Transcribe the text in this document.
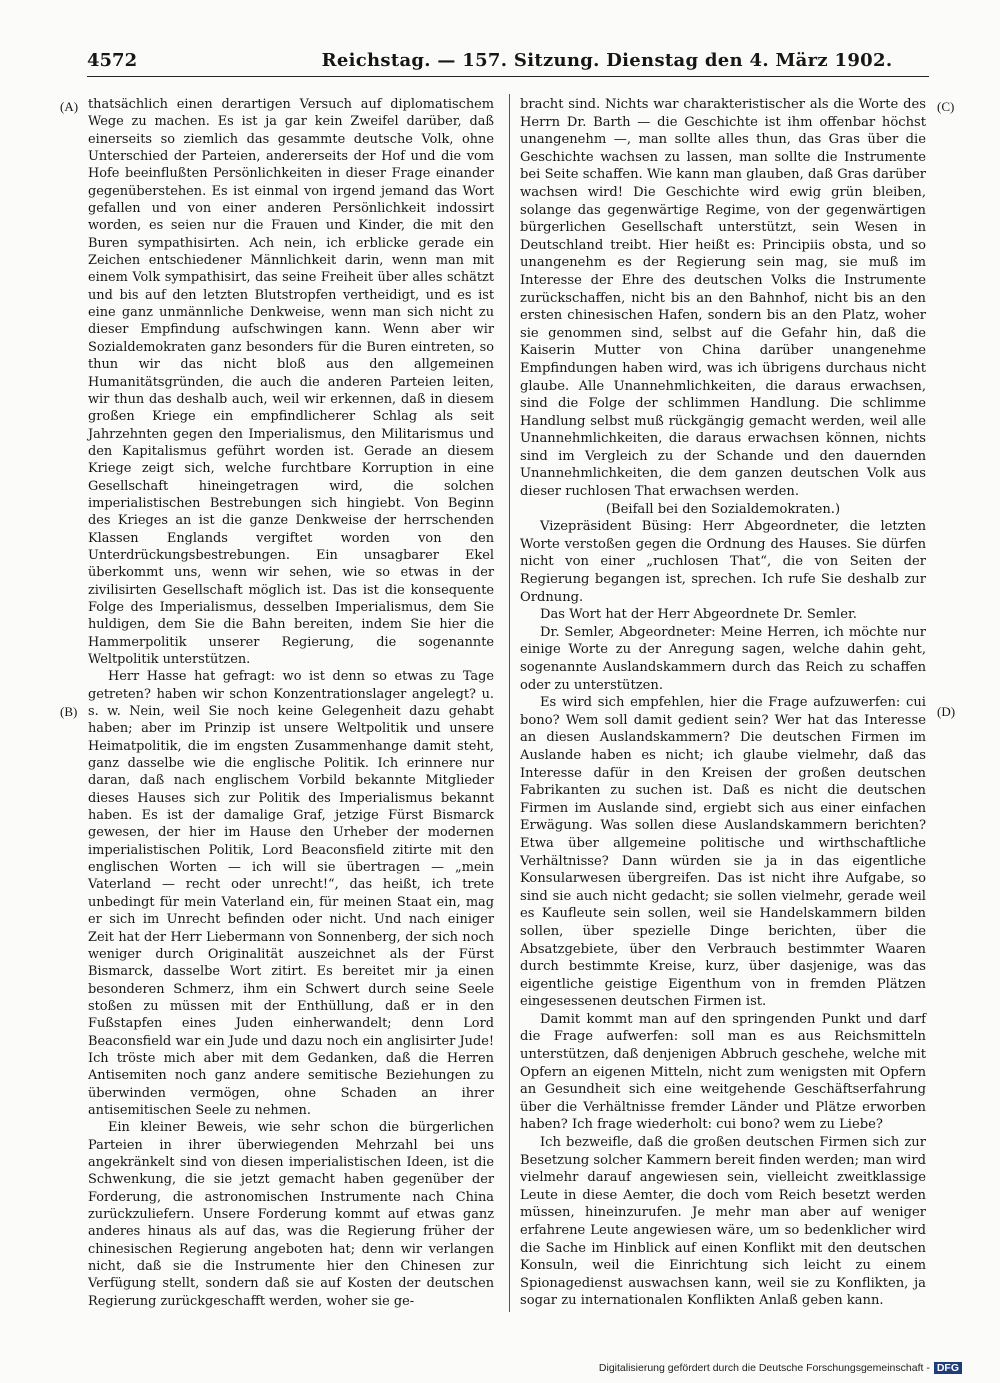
4572	Reichstag. — 157. Sitzung. Dienstag den 4. März 1902.
(A)
(B)
(C)
(D)

thatsächlich einen derartigen Versuch auf diplomatischem Wege zu machen. Es ist ja gar kein Zweifel darüber, daß einerseits so ziemlich das gesammte deutsche Volk, ohne Unterschied der Parteien, andererseits der Hof und die vom Hofe beeinflußten Persönlichkeiten in dieser Frage einander gegenüberstehen. Es ist einmal von irgend jemand das Wort gefallen und von einer anderen Persönlichkeit indossirt worden, es seien nur die Frauen und Kinder, die mit den Buren sympathisirten. Ach nein, ich erblicke gerade ein Zeichen entschiedener Männlichkeit darin, wenn man mit einem Volk sympathisirt, das seine Freiheit über alles schätzt und bis auf den letzten Blutstropfen vertheidigt, und es ist eine ganz unmännliche Denkweise, wenn man sich nicht zu dieser Empfindung aufschwingen kann. Wenn aber wir Sozialdemokraten ganz besonders für die Buren eintreten, so thun wir das nicht bloß aus den allgemeinen Humanitätsgründen, die auch die anderen Parteien leiten, wir thun das deshalb auch, weil wir erkennen, daß in diesem großen Kriege ein empfindlicherer Schlag als seit Jahrzehnten gegen den Imperialismus, den Militarismus und den Kapitalismus geführt worden ist. Gerade an diesem Kriege zeigt sich, welche furchtbare Korruption in eine Gesellschaft hineingetragen wird, die solchen imperialistischen Bestrebungen sich hingiebt. Von Beginn des Krieges an ist die ganze Denkweise der herrschenden Klassen Englands vergiftet worden von den Unterdrückungsbestrebungen. Ein unsagbarer Ekel überkommt uns, wenn wir sehen, wie so etwas in der zivilisirten Gesellschaft möglich ist. Das ist die konsequente Folge des Imperialismus, desselben Imperialismus, dem Sie huldigen, dem Sie die Bahn bereiten, indem Sie hier die Hammerpolitik unserer Regierung, die sogenannte Weltpolitik unterstützen.

Herr Hasse hat gefragt: wo ist denn so etwas zu Tage getreten? haben wir schon Konzentrationslager angelegt? u. s. w. Nein, weil Sie noch keine Gelegenheit dazu gehabt haben; aber im Prinzip ist unsere Weltpolitik und unsere Heimatpolitik, die im engsten Zusammenhange damit steht, ganz dasselbe wie die englische Politik. Ich erinnere nur daran, daß nach englischem Vorbild bekannte Mitglieder dieses Hauses sich zur Politik des Imperialismus bekannt haben. Es ist der damalige Graf, jetzige Fürst Bismarck gewesen, der hier im Hause den Urheber der modernen imperialistischen Politik, Lord Beaconsfield zitirte mit den englischen Worten — ich will sie übertragen — „mein Vaterland — recht oder unrecht!“, das heißt, ich trete unbedingt für mein Vaterland ein, für meinen Staat ein, mag er sich im Unrecht befinden oder nicht. Und nach einiger Zeit hat der Herr Liebermann von Sonnenberg, der sich noch weniger durch Originalität auszeichnet als der Fürst Bismarck, dasselbe Wort zitirt. Es bereitet mir ja einen besonderen Schmerz, ihm ein Schwert durch seine Seele stoßen zu müssen mit der Enthüllung, daß er in den Fußstapfen eines Juden einherwandelt; denn Lord Beaconsfield war ein Jude und dazu noch ein anglisirter Jude! Ich tröste mich aber mit dem Gedanken, daß die Herren Antisemiten noch ganz andere semitische Beziehungen zu überwinden vermögen, ohne Schaden an ihrer antisemitischen Seele zu nehmen.

Ein kleiner Beweis, wie sehr schon die bürgerlichen Parteien in ihrer überwiegenden Mehrzahl bei uns angekränkelt sind von diesen imperialistischen Ideen, ist die Schwenkung, die sie jetzt gemacht haben gegenüber der Forderung, die astronomischen Instrumente nach China zurückzuliefern. Unsere Forderung kommt auf etwas ganz anderes hinaus als auf das, was die Regierung früher der chinesischen Regierung angeboten hat; denn wir verlangen nicht, daß sie die Instrumente hier den Chinesen zur Verfügung stellt, sondern daß sie auf Kosten der deutschen Regierung zurückgeschafft werden, woher sie ge-

bracht sind. Nichts war charakteristischer als die Worte des Herrn Dr. Barth — die Geschichte ist ihm offenbar höchst unangenehm —, man sollte alles thun, das Gras über die Geschichte wachsen zu lassen, man sollte die Instrumente bei Seite schaffen. Wie kann man glauben, daß Gras darüber wachsen wird! Die Geschichte wird ewig grün bleiben, solange das gegenwärtige Regime, von der gegenwärtigen bürgerlichen Gesellschaft unterstützt, sein Wesen in Deutschland treibt. Hier heißt es: Principiis obsta, und so unangenehm es der Regierung sein mag, sie muß im Interesse der Ehre des deutschen Volks die Instrumente zurückschaffen, nicht bis an den Bahnhof, nicht bis an den ersten chinesischen Hafen, sondern bis an den Platz, woher sie genommen sind, selbst auf die Gefahr hin, daß die Kaiserin Mutter von China darüber unangenehme Empfindungen haben wird, was ich übrigens durchaus nicht glaube. Alle Unannehmlichkeiten, die daraus erwachsen, sind die Folge der schlimmen Handlung. Die schlimme Handlung selbst muß rückgängig gemacht werden, weil alle Unannehmlichkeiten, die daraus erwachsen können, nichts sind im Vergleich zu der Schande und den dauernden Unannehmlichkeiten, die dem ganzen deutschen Volk aus dieser ruchlosen That erwachsen werden.

(Beifall bei den Sozialdemokraten.)

Vizepräsident Büsing: Herr Abgeordneter, die letzten Worte verstoßen gegen die Ordnung des Hauses. Sie dürfen nicht von einer „ruchlosen That“, die von Seiten der Regierung begangen ist, sprechen. Ich rufe Sie deshalb zur Ordnung.

Das Wort hat der Herr Abgeordnete Dr. Semler.

Dr. Semler, Abgeordneter: Meine Herren, ich möchte nur einige Worte zu der Anregung sagen, welche dahin geht, sogenannte Auslandskammern durch das Reich zu schaffen oder zu unterstützen.

Es wird sich empfehlen, hier die Frage aufzuwerfen: cui bono? Wem soll damit gedient sein? Wer hat das Interesse an diesen Auslandskammern? Die deutschen Firmen im Auslande haben es nicht; ich glaube vielmehr, daß das Interesse dafür in den Kreisen der großen deutschen Fabrikanten zu suchen ist. Daß es nicht die deutschen Firmen im Auslande sind, ergiebt sich aus einer einfachen Erwägung. Was sollen diese Auslandskammern berichten? Etwa über allgemeine politische und wirthschaftliche Verhältnisse? Dann würden sie ja in das eigentliche Konsularwesen übergreifen. Das ist nicht ihre Aufgabe, so sind sie auch nicht gedacht; sie sollen vielmehr, gerade weil es Kaufleute sein sollen, weil sie Handelskammern bilden sollen, über spezielle Dinge berichten, über die Absatzgebiete, über den Verbrauch bestimmter Waaren durch bestimmte Kreise, kurz, über dasjenige, was das eigentliche geistige Eigenthum von in fremden Plätzen eingesessenen deutschen Firmen ist.

Damit kommt man auf den springenden Punkt und darf die Frage aufwerfen: soll man es aus Reichsmitteln unterstützen, daß denjenigen Abbruch geschehe, welche mit Opfern an eigenen Mitteln, nicht zum wenigsten mit Opfern an Gesundheit sich eine weitgehende Geschäftserfahrung über die Verhältnisse fremder Länder und Plätze erworben haben? Ich frage wiederholt: cui bono? wem zu Liebe?

Ich bezweifle, daß die großen deutschen Firmen sich zur Besetzung solcher Kammern bereit finden werden; man wird vielmehr darauf angewiesen sein, vielleicht zweitklassige Leute in diese Aemter, die doch vom Reich besetzt werden müssen, hineinzurufen. Je mehr man aber auf weniger erfahrene Leute angewiesen wäre, um so bedenklicher wird die Sache im Hinblick auf einen Konflikt mit den deutschen Konsuln, weil die Einrichtung sich leicht zu einem Spionagedienst auswachsen kann, weil sie zu Konflikten, ja sogar zu internationalen Konflikten Anlaß geben kann.

Digitalisierung gefördert durch die Deutsche Forschungsgemeinschaft - DFG
